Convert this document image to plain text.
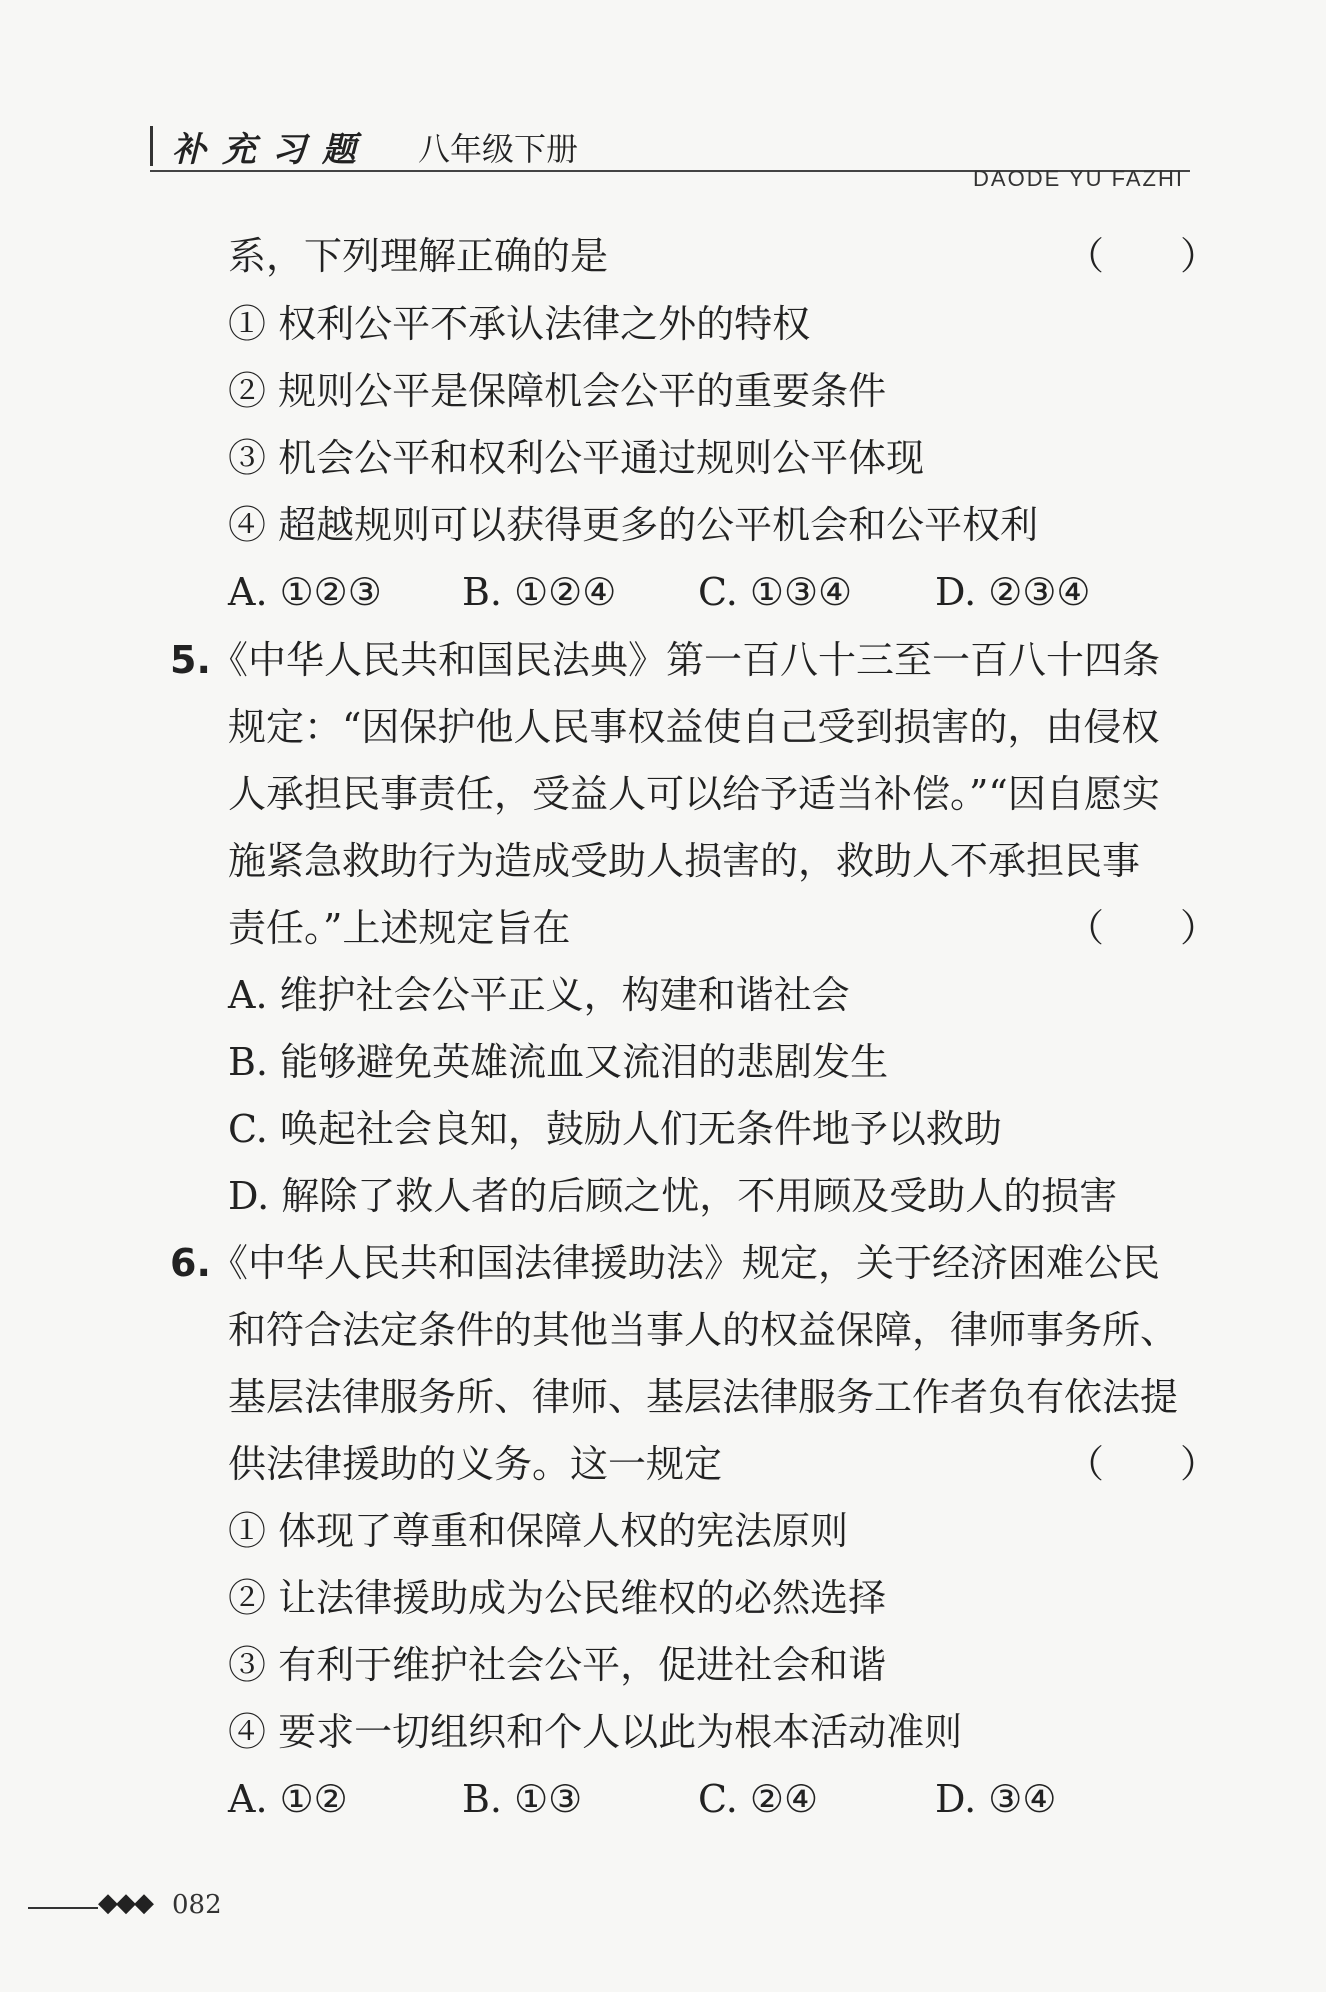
补充习题 八年级下册
DAODE YU FAZHI
系，下列理解正确的是	（　　）
① 权利公平不承认法律之外的特权
② 规则公平是保障机会公平的重要条件
③ 机会公平和权利公平通过规则公平体现
④ 超越规则可以获得更多的公平机会和公平权利
A. ①②③ B. ①②④ C. ①③④ D. ②③④
5. 《中华人民共和国民法典》第一百八十三至一百八十四条
规定：“因保护他人民事权益使自己受到损害的，由侵权
人承担民事责任，受益人可以给予适当补偿。”“因自愿实
施紧急救助行为造成受助人损害的，救助人不承担民事
责任。”上述规定旨在	（　　）
A. 维护社会公平正义，构建和谐社会
B. 能够避免英雄流血又流泪的悲剧发生
C. 唤起社会良知，鼓励人们无条件地予以救助
D. 解除了救人者的后顾之忧，不用顾及受助人的损害
6. 《中华人民共和国法律援助法》规定，关于经济困难公民
和符合法定条件的其他当事人的权益保障，律师事务所、
基层法律服务所、律师、基层法律服务工作者负有依法提
供法律援助的义务。这一规定	（　　）
① 体现了尊重和保障人权的宪法原则
② 让法律援助成为公民维权的必然选择
③ 有利于维护社会公平，促进社会和谐
④ 要求一切组织和个人以此为根本活动准则
A. ①②	B. ①③	C. ②④	D. ③④
◆◆◆ 082
